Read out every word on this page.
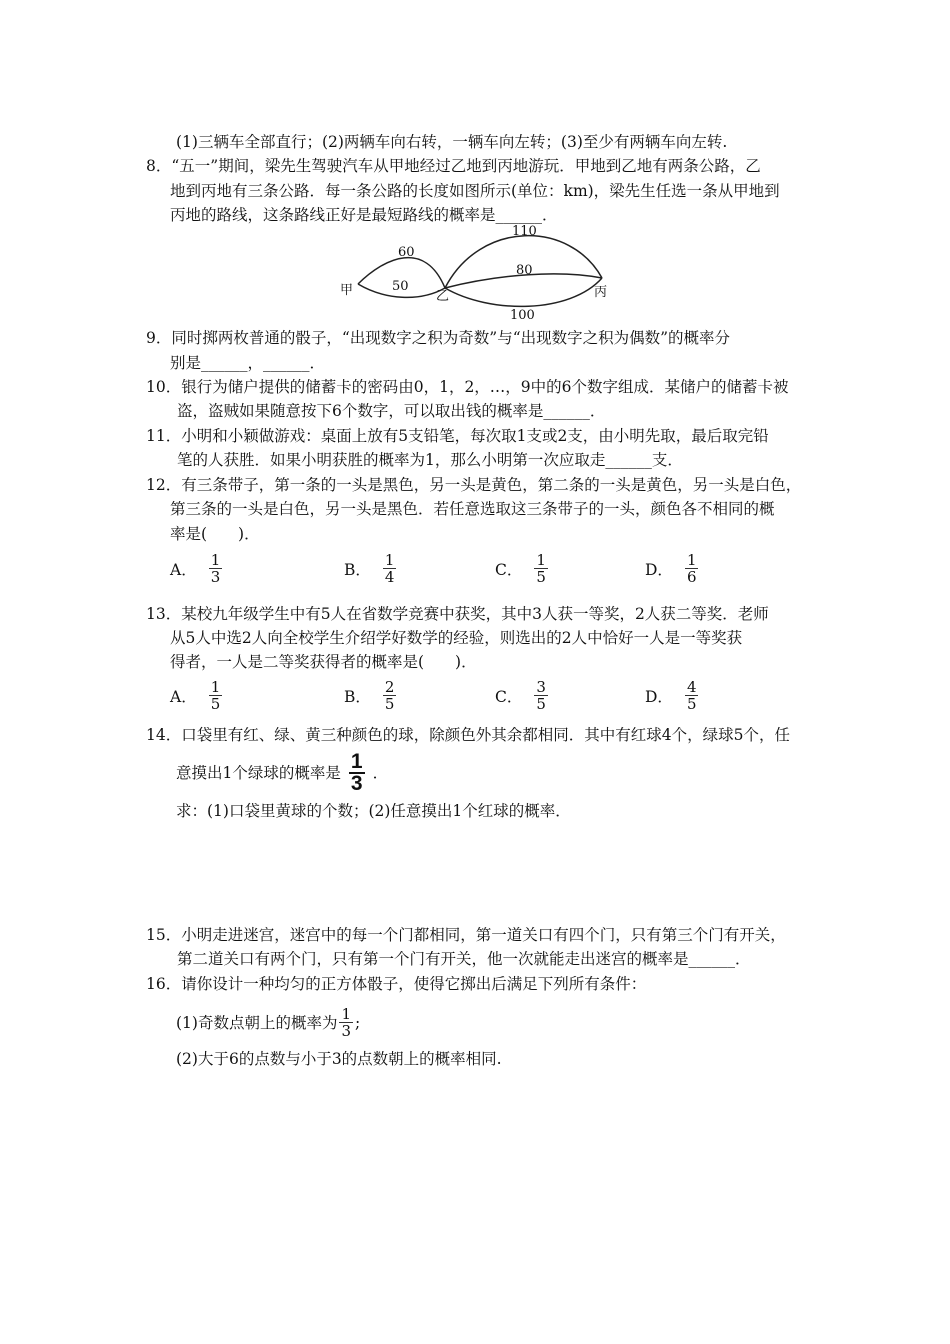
(1)三辆车全部直行；(2)两辆车向右转，一辆车向左转；(3)至少有两辆车向左转.
8．“五一”期间，梁先生驾驶汽车从甲地经过乙地到丙地游玩．甲地到乙地有两条公路，乙
地到丙地有三条公路．每一条公路的长度如图所示(单位：km)，梁先生任选一条从甲地到
丙地的路线，这条路线正好是最短路线的概率是______．
甲	乙	丙
60
50
110
80
100
9．同时掷两枚普通的骰子，“出现数字之积为奇数”与“出现数字之积为偶数”的概率分
别是______，______．
10．银行为储户提供的储蓄卡的密码由0，1，2，…，9中的6个数字组成．某储户的储蓄卡被
盗，盗贼如果随意按下6个数字，可以取出钱的概率是______．
11．小明和小颖做游戏：桌面上放有5支铅笔，每次取1支或2支，由小明先取，最后取完铅
笔的人获胜．如果小明获胜的概率为1，那么小明第一次应取走______支．
12．有三条带子，第一条的一头是黑色，另一头是黄色，第二条的一头是黄色，另一头是白色，
第三条的一头是白色，另一头是黑色．若任意选取这三条带子的一头，颜色各不相同的概
率是(　　)．
A． $\frac{1}{3}$	B． $\frac{1}{4}$	C． $\frac{1}{5}$	D． $\frac{1}{6}$
13．某校九年级学生中有5人在省数学竞赛中获奖，其中3人获一等奖，2人获二等奖．老师
从5人中选2人向全校学生介绍学好数学的经验，则选出的2人中恰好一人是一等奖获
得者，一人是二等奖获得者的概率是(　　)．
A． $\frac{1}{5}$	B． $\frac{2}{5}$	C． $\frac{3}{5}$	D． $\frac{4}{5}$
14．口袋里有红、绿、黄三种颜色的球，除颜色外其余都相同．其中有红球4个，绿球5个，任
意摸出1个绿球的概率是 $\frac{1}{3}$ ．
求：(1)口袋里黄球的个数；(2)任意摸出1个红球的概率．
15．小明走进迷宫，迷宫中的每一个门都相同，第一道关口有四个门，只有第三个门有开关，
第二道关口有两个门，只有第一个门有开关，他一次就能走出迷宫的概率是______．
16．请你设计一种均匀的正方体骰子，使得它掷出后满足下列所有条件：
(1)奇数点朝上的概率为 $\frac{1}{3}$ ;
(2)大于6的点数与小于3的点数朝上的概率相同.
